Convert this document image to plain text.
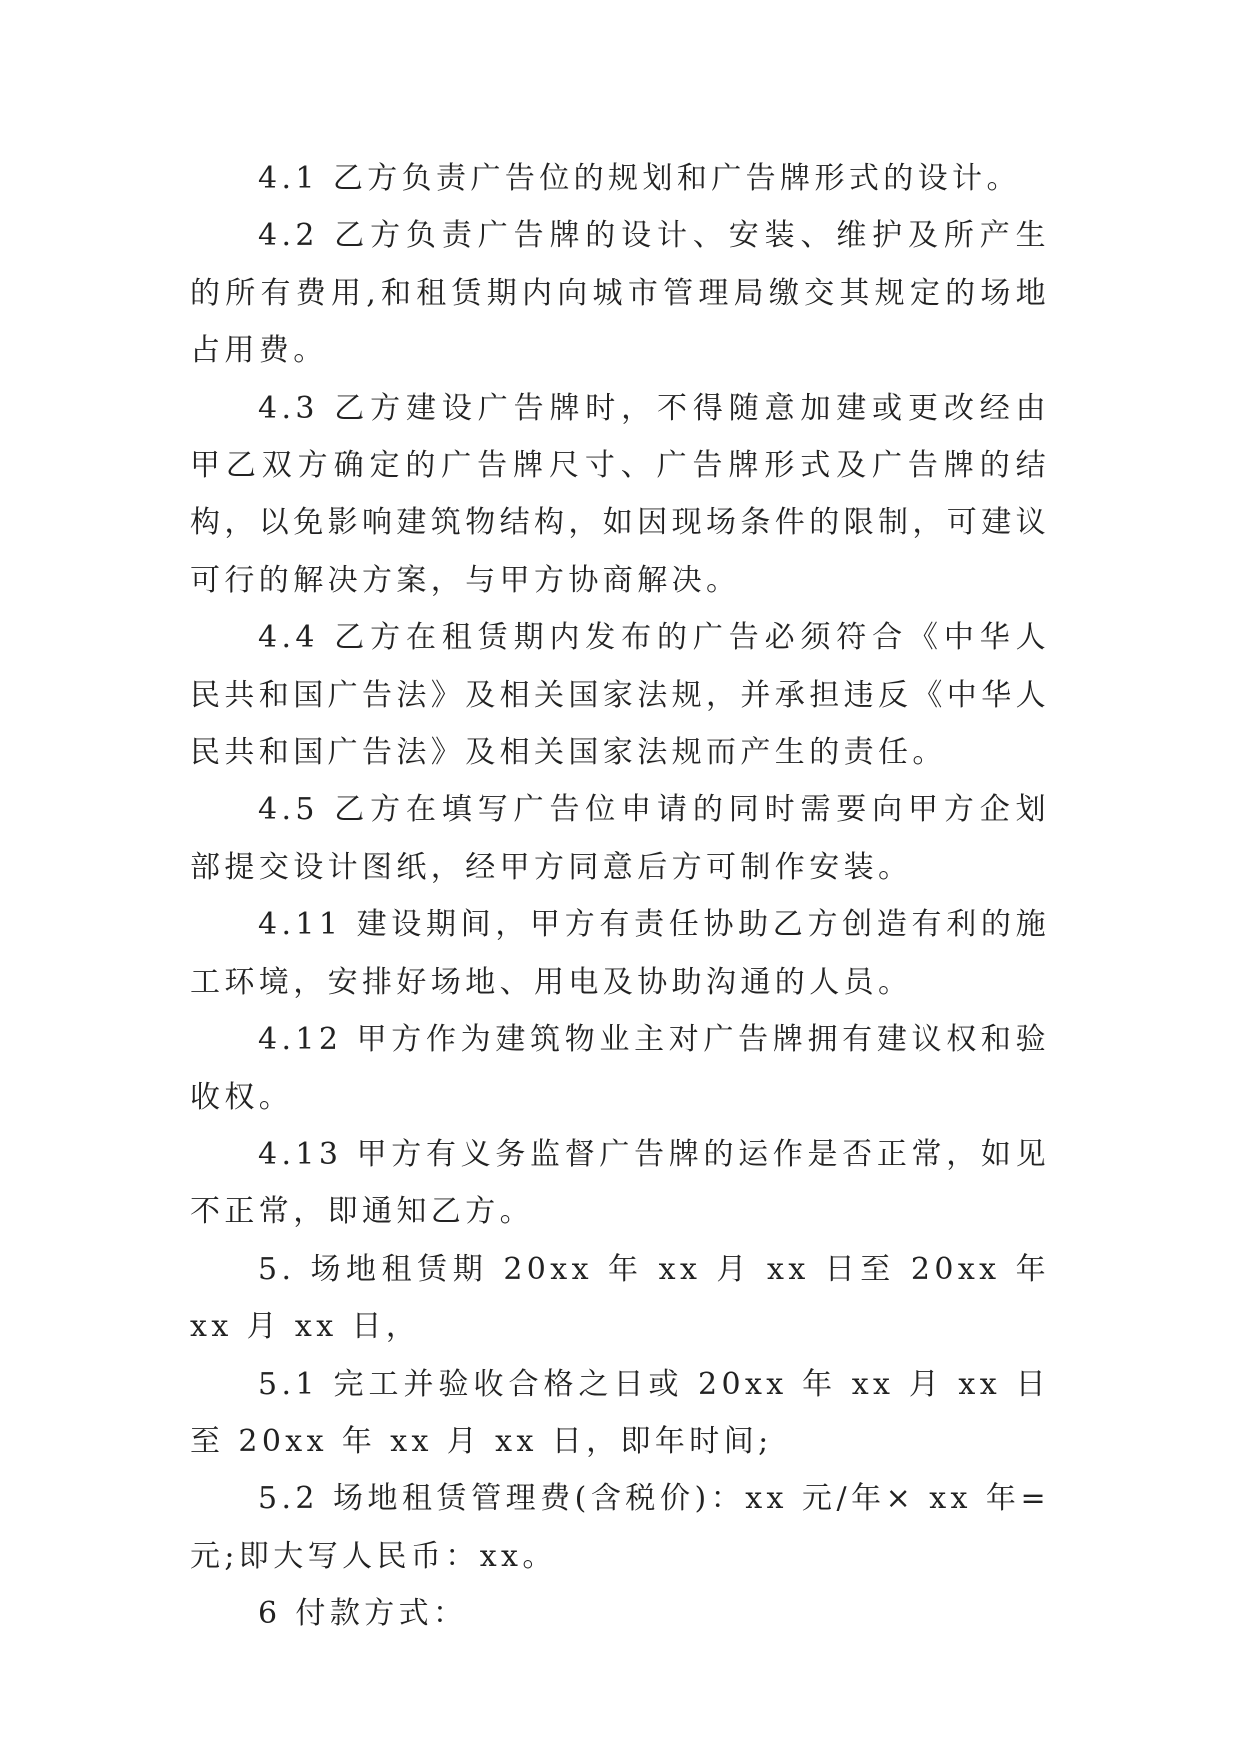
4.1 乙方负责广告位的规划和广告牌形式的设计。

4.2 乙方负责广告牌的设计、安装、维护及所产生的所有费用,和租赁期内向城市管理局缴交其规定的场地占用费。

4.3 乙方建设广告牌时，不得随意加建或更改经由甲乙双方确定的广告牌尺寸、广告牌形式及广告牌的结构，以免影响建筑物结构，如因现场条件的限制，可建议可行的解决方案，与甲方协商解决。

4.4 乙方在租赁期内发布的广告必须符合《中华人民共和国广告法》及相关国家法规，并承担违反《中华人民共和国广告法》及相关国家法规而产生的责任。

4.5 乙方在填写广告位申请的同时需要向甲方企划部提交设计图纸，经甲方同意后方可制作安装。

4.11 建设期间，甲方有责任协助乙方创造有利的施工环境，安排好场地、用电及协助沟通的人员。

4.12 甲方作为建筑物业主对广告牌拥有建议权和验收权。

4.13 甲方有义务监督广告牌的运作是否正常，如见不正常，即通知乙方。

5. 场地租赁期 20xx 年 xx 月 xx 日至 20xx 年 xx 月 xx 日，

5.1 完工并验收合格之日或 20xx 年 xx 月 xx 日至 20xx 年 xx 月 xx 日，即年时间;

5.2 场地租赁管理费(含税价)：xx 元/年× xx 年=元;即大写人民币：xx。

6 付款方式：
